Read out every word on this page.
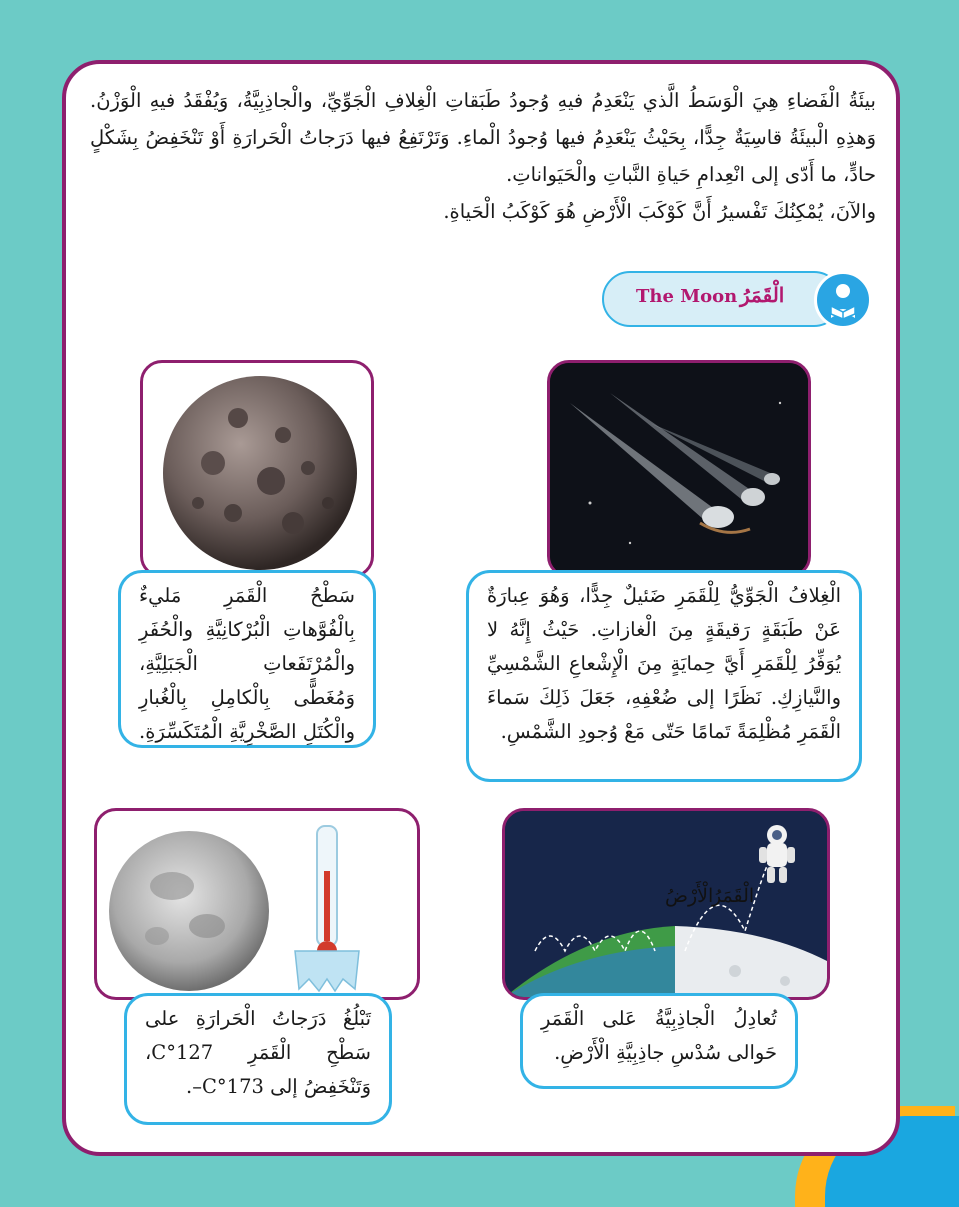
بيئَةُ الْفَضاءِ هِيَ الْوَسَطُ الَّذي يَنْعَدِمُ فيهِ وُجودُ طَبَقاتِ الْغِلافِ الْجَوِّيِّ، والْجاذِبِيَّةُ، وَيُفْقَدُ فيهِ الْوَزْنُ. وَهذِهِ الْبيئَةُ قاسِيَةٌ جِدًّا، بِحَيْثُ يَنْعَدِمُ فيها وُجودُ الْماءِ. وَتَرْتَفِعُ فيها دَرَجاتُ الْحَرارَةِ أَوْ تَنْخَفِضُ بِشَكْلٍ حادٍّ، ما أَدّى إلى انْعِدامِ حَياةِ النَّباتِ والْحَيَواناتِ.

والآنَ، يُمْكِنُكَ تَفْسيرُ أَنَّ كَوْكَبَ الْأَرْضِ هُوَ كَوْكَبُ الْحَياةِ.

الْقَمَرُ
The Moon
سَطْحُ الْقَمَرِ مَليءٌ بِالْفُوَّهاتِ الْبُرْكانِيَّةِ والْحُفَرِ والْمُرْتَفَعاتِ الْجَبَلِيَّةِ، وَمُغَطًّى بِالْكامِلِ بِالْغُبارِ والْكُتَلِ الصَّخْرِيَّةِ الْمُتَكَسِّرَةِ.
الْغِلافُ الْجَوِّيُّ لِلْقَمَرِ ضَئيلٌ جِدًّا، وَهُوَ عِبارَةٌ عَنْ طَبَقَةٍ رَقيقَةٍ مِنَ الْغازاتِ. حَيْثُ إِنَّهُ لا يُوَفِّرُ لِلْقَمَرِ أَيَّ حِمايَةٍ مِنَ الْإِشْعاعِ الشَّمْسِيِّ والنَّيازِكِ. نَظَرًا إلى ضُعْفِهِ، جَعَلَ ذَلِكَ سَماءَ الْقَمَرِ مُظْلِمَةً تَمامًا حَتّى مَعْ وُجودِ الشَّمْسِ.
الْأَرْضُ
الْقَمَرُ
تَبْلُغُ دَرَجاتُ الْحَرارَةِ على سَطْحِ الْقَمَرِ 127°C، وَتَنْخَفِضُ إلى 173°C–.
تُعادِلُ الْجاذِبِيَّةُ عَلى الْقَمَرِ حَوالى سُدْسِ جاذِبِيَّةِ الْأَرْضِ.
